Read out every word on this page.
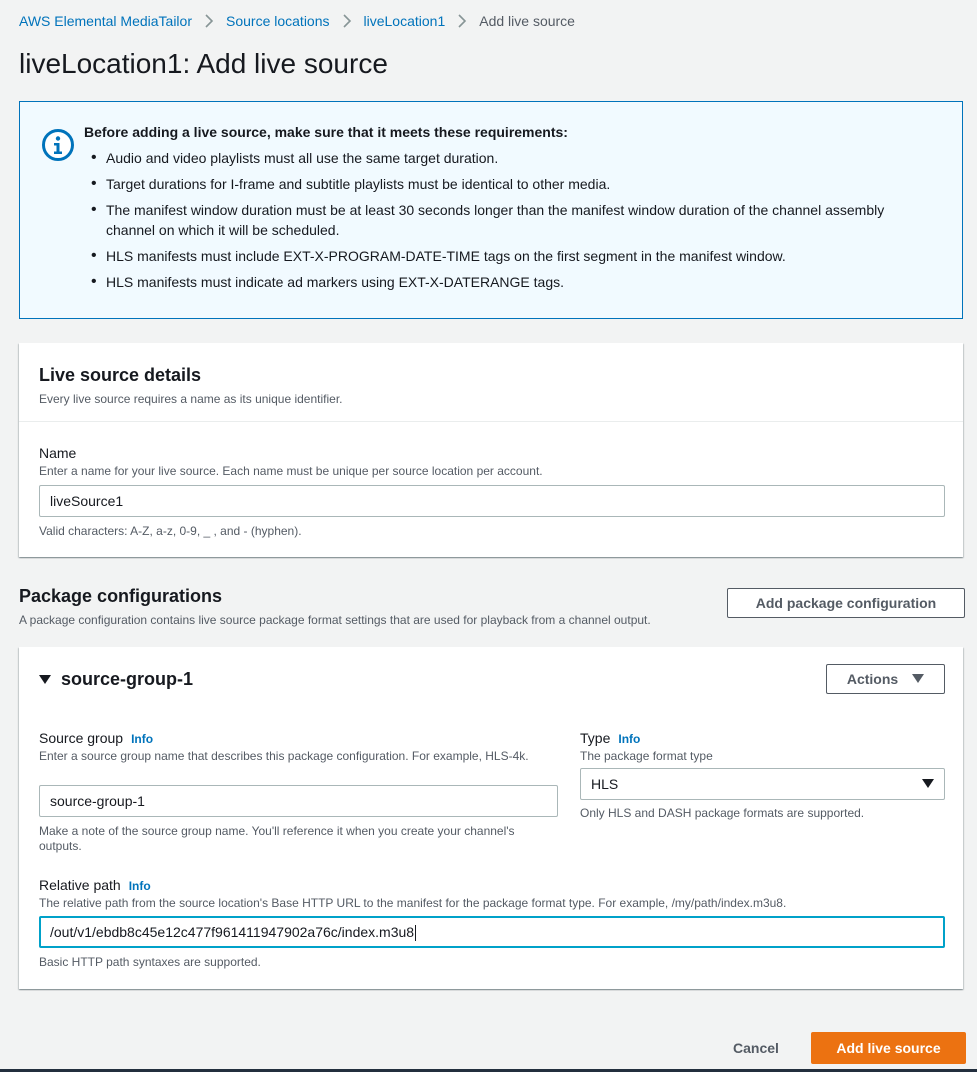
AWS Elemental MediaTailor Source locations liveLocation1 Add live source
liveLocation1: Add live source
Before adding a live source, make sure that it meets these requirements:
• Audio and video playlists must all use the same target duration.
• Target durations for I-frame and subtitle playlists must be identical to other media.
• The manifest window duration must be at least 30 seconds longer than the manifest window duration of the channel assembly channel on which it will be scheduled.
• HLS manifests must include EXT-X-PROGRAM-DATE-TIME tags on the first segment in the manifest window.
• HLS manifests must indicate ad markers using EXT-X-DATERANGE tags.
Live source details
Every live source requires a name as its unique identifier.
Name
Enter a name for your live source. Each name must be unique per source location per account.
liveSource1
Valid characters: A-Z, a-z, 0-9, _ , and - (hyphen).
Package configurations
A package configuration contains live source package format settings that are used for playback from a channel output.
Add package configuration
source-group-1	Actions
Source group Info
Enter a source group name that describes this package configuration. For example, HLS-4k.
source-group-1
Make a note of the source group name. You'll reference it when you create your channel's outputs.
Type Info
The package format type
HLS
Only HLS and DASH package formats are supported.
Relative path Info
The relative path from the source location's Base HTTP URL to the manifest for the package format type. For example, /my/path/index.m3u8.
/out/v1/ebdb8c45e12c477f961411947902a76c/index.m3u8
Basic HTTP path syntaxes are supported.
Cancel	Add live source
